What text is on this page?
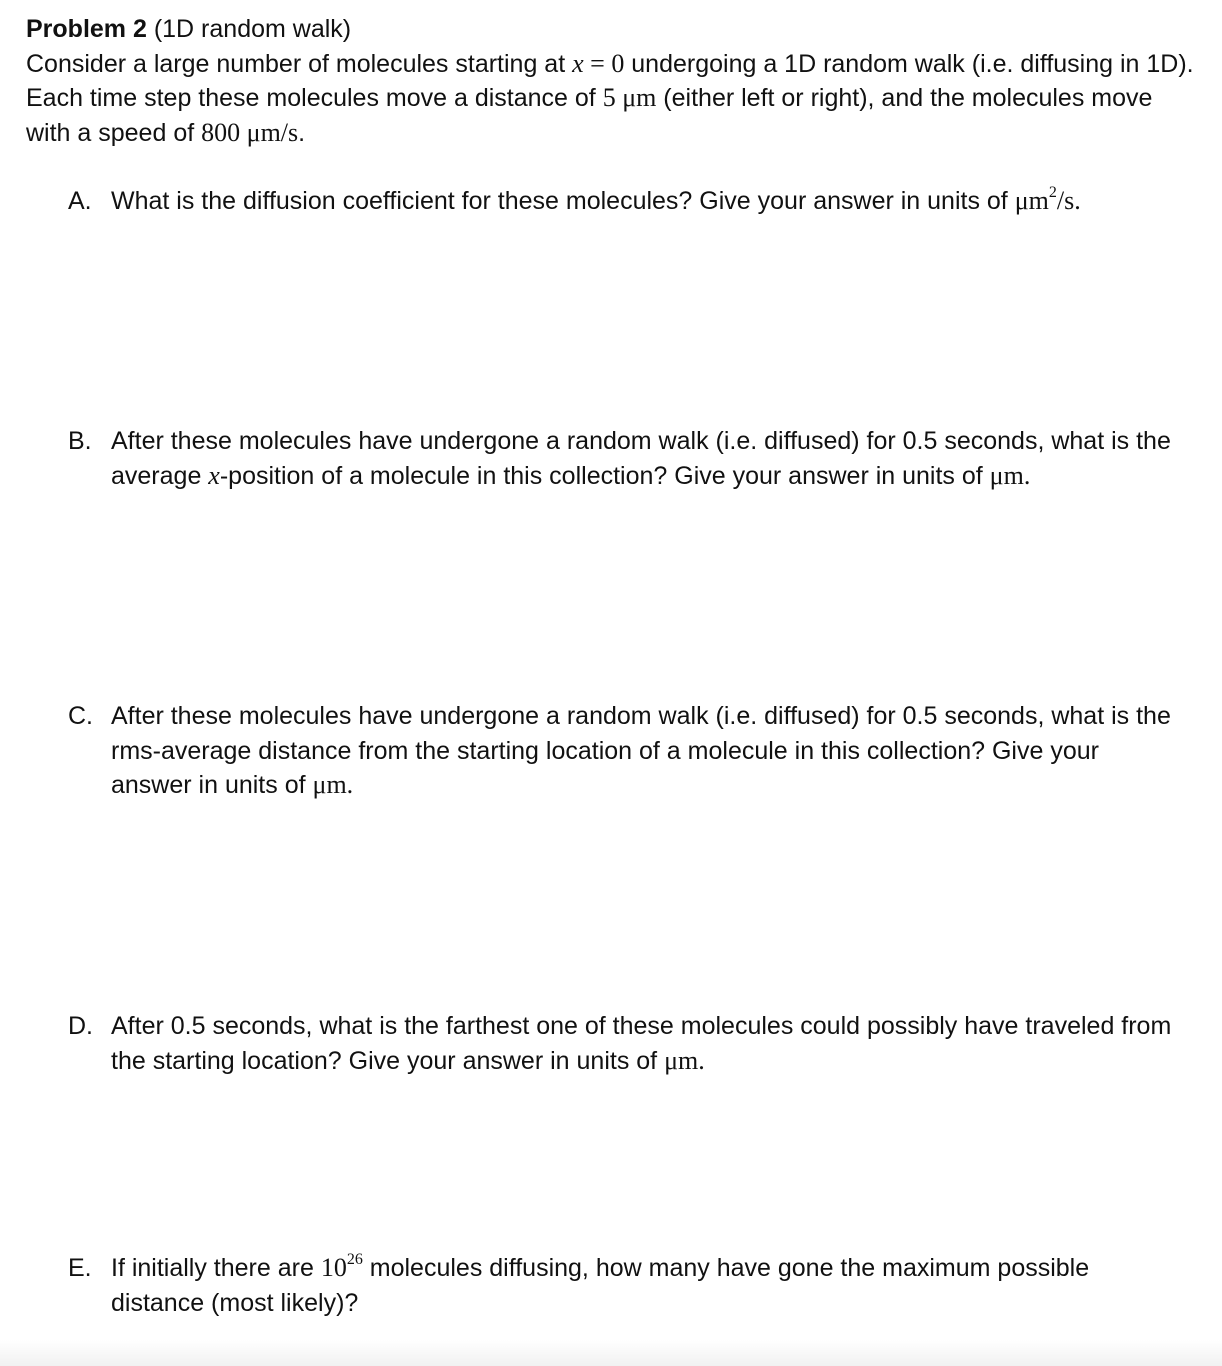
Problem 2 (1D random walk)
Consider a large number of molecules starting at x = 0 undergoing a 1D random walk (i.e. diffusing in 1D). Each time step these molecules move a distance of 5 μm (either left or right), and the molecules move with a speed of 800 μm/s.
A. What is the diffusion coefficient for these molecules? Give your answer in units of $\mu m^2/s$.
B. After these molecules have undergone a random walk (i.e. diffused) for 0.5 seconds, what is the average x-position of a molecule in this collection? Give your answer in units of μm.
C. After these molecules have undergone a random walk (i.e. diffused) for 0.5 seconds, what is the rms-average distance from the starting location of a molecule in this collection? Give your answer in units of μm.
D. After 0.5 seconds, what is the farthest one of these molecules could possibly have traveled from the starting location? Give your answer in units of μm.
E. If initially there are $10^{26}$ molecules diffusing, how many have gone the maximum possible distance (most likely)?
